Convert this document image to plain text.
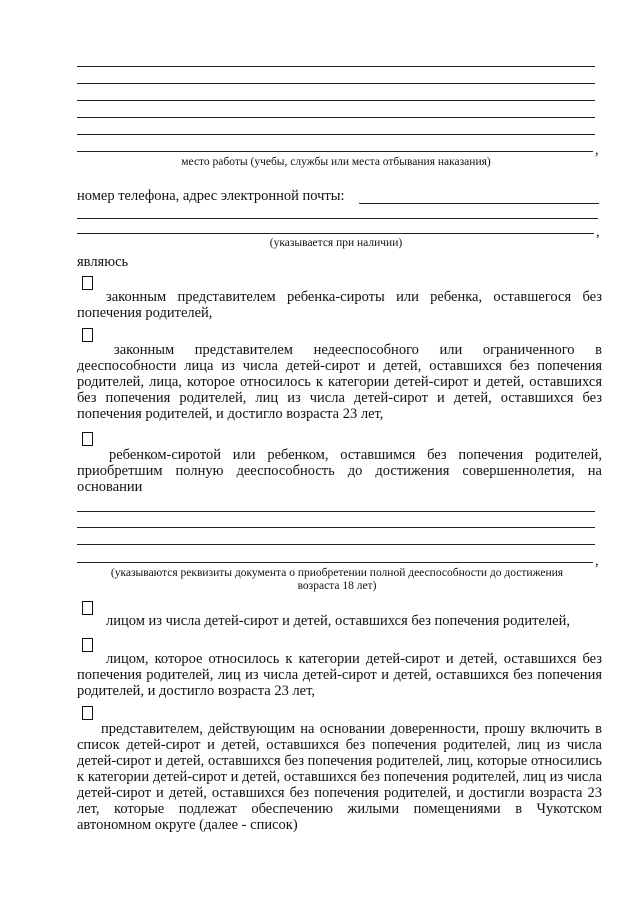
,
место работы (учебы, службы или места отбывания наказания)
номер телефона, адрес электронной почты:
,
(указывается при наличии)
являюсь
законным представителем ребенка-сироты или ребенка, оставшегося без попечения родителей,
законным представителем недееспособного или ограниченного в дееспособности лица из числа детей-сирот и детей, оставшихся без попечения родителей, лица, которое относилось к категории детей-сирот и детей, оставшихся без попечения родителей, лиц из числа детей-сирот и детей, оставшихся без попечения родителей, и достигло возраста 23 лет,
ребенком-сиротой или ребенком, оставшимся без попечения родителей, приобретшим полную дееспособность до достижения совершеннолетия, на основании
,
(указываются реквизиты документа о приобретении полной дееспособности до достижения
возраста 18 лет)
лицом из числа детей-сирот и детей, оставшихся без попечения родителей,
лицом, которое относилось к категории детей-сирот и детей, оставшихся без попечения родителей, лиц из числа детей-сирот и детей, оставшихся без попечения родителей, и достигло возраста 23 лет,
представителем, действующим на основании доверенности, прошу включить в список детей-сирот и детей, оставшихся без попечения родителей, лиц из числа детей-сирот и детей, оставшихся без попечения родителей, лиц, которые относились к категории детей-сирот и детей, оставшихся без попечения родителей, лиц из числа детей-сирот и детей, оставшихся без попечения родителей, и достигли возраста 23 лет, которые подлежат обеспечению жилыми помещениями в Чукотском автономном округе (далее - список)
